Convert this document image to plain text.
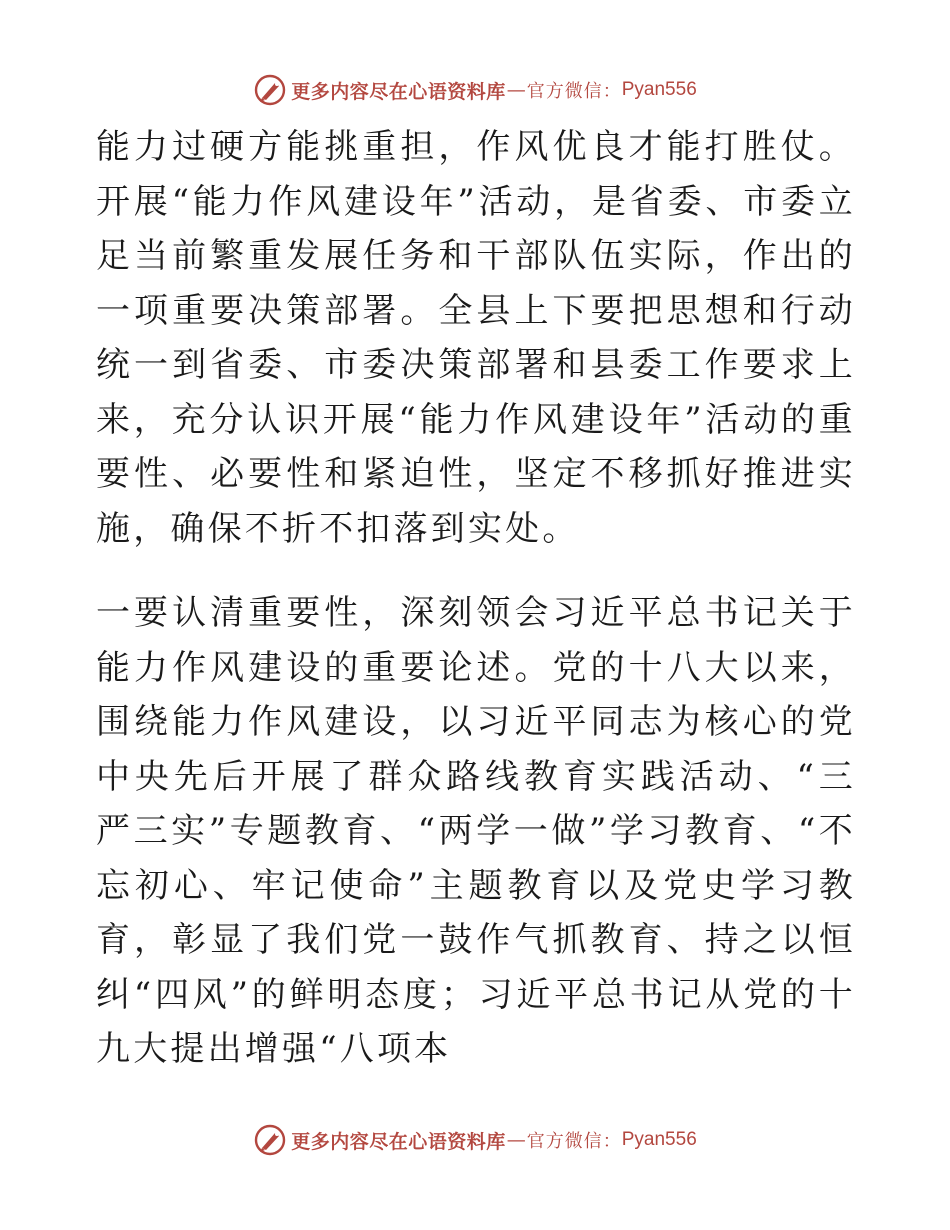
更多内容尽在心语资料库 — 官方微信： Pyan556

能力过硬方能挑重担，作风优良才能打胜仗。开展“能力作风建设年”活动，是省委、市委立足当前繁重发展任务和干部队伍实际，作出的一项重要决策部署。全县上下要把思想和行动统一到省委、市委决策部署和县委工作要求上来，充分认识开展“能力作风建设年”活动的重要性、必要性和紧迫性，坚定不移抓好推进实施，确保不折不扣落到实处。

一要认清重要性，深刻领会习近平总书记关于能力作风建设的重要论述。党的十八大以来，围绕能力作风建设，以习近平同志为核心的党中央先后开展了群众路线教育实践活动、“三严三实”专题教育、“两学一做”学习教育、“不忘初心、牢记使命”主题教育以及党史学习教育，彰显了我们党一鼓作气抓教育、持之以恒纠“四风”的鲜明态度；习近平总书记从党的十九大提出增强“八项本

更多内容尽在心语资料库 — 官方微信： Pyan556
